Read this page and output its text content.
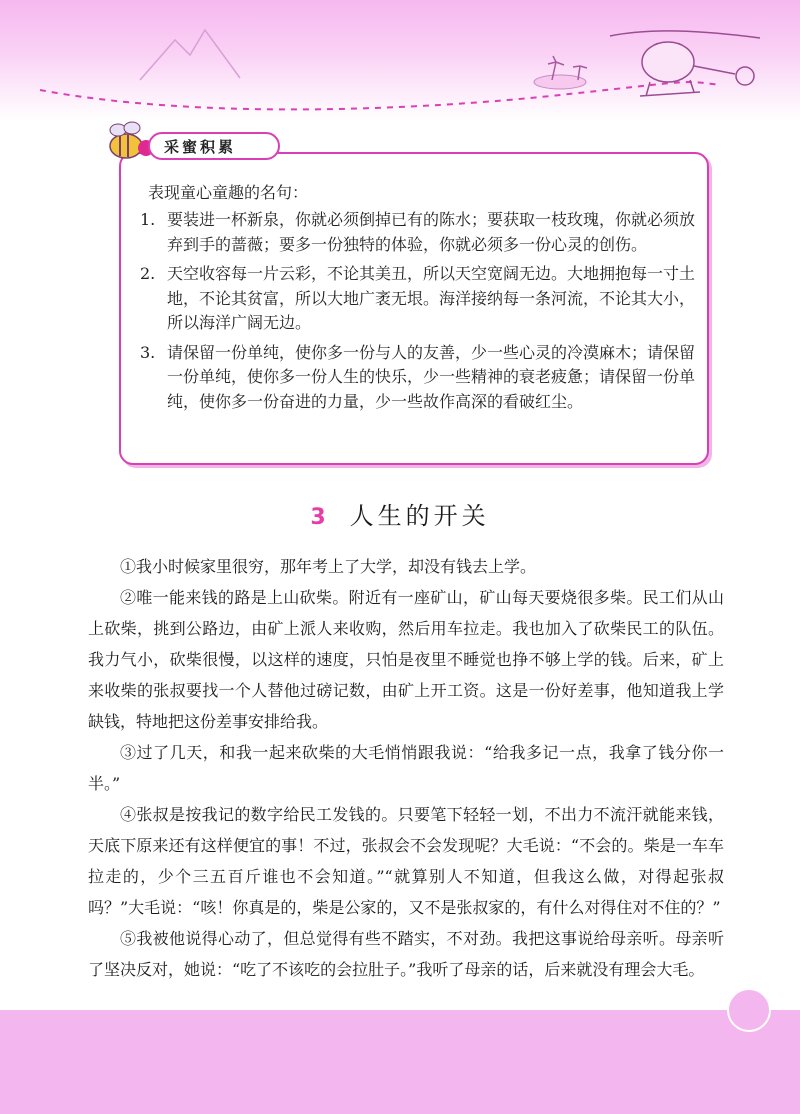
采蜜积累
表现童心童趣的名句：
1. 要装进一杯新泉，你就必须倒掉已有的陈水；要获取一枝玫瑰，你就必须放弃到手的蔷薇；要多一份独特的体验，你就必须多一份心灵的创伤。
2. 天空收容每一片云彩，不论其美丑，所以天空宽阔无边。大地拥抱每一寸土地，不论其贫富，所以大地广袤无垠。海洋接纳每一条河流，不论其大小，所以海洋广阔无边。
3. 请保留一份单纯，使你多一份与人的友善，少一些心灵的冷漠麻木；请保留一份单纯，使你多一份人生的快乐，少一些精神的衰老疲惫；请保留一份单纯，使你多一份奋进的力量，少一些故作高深的看破红尘。
3 人生的开关

①我小时候家里很穷，那年考上了大学，却没有钱去上学。

②唯一能来钱的路是上山砍柴。附近有一座矿山，矿山每天要烧很多柴。民工们从山上砍柴，挑到公路边，由矿上派人来收购，然后用车拉走。我也加入了砍柴民工的队伍。我力气小，砍柴很慢，以这样的速度，只怕是夜里不睡觉也挣不够上学的钱。后来，矿上来收柴的张叔要找一个人替他过磅记数，由矿上开工资。这是一份好差事，他知道我上学缺钱，特地把这份差事安排给我。

③过了几天，和我一起来砍柴的大毛悄悄跟我说：“给我多记一点，我拿了钱分你一半。”

④张叔是按我记的数字给民工发钱的。只要笔下轻轻一划，不出力不流汗就能来钱，天底下原来还有这样便宜的事！不过，张叔会不会发现呢？大毛说：“不会的。柴是一车车拉走的，少个三五百斤谁也不会知道。”“就算别人不知道，但我这么做，对得起张叔吗？”大毛说：“咳！你真是的，柴是公家的，又不是张叔家的，有什么对得住对不住的？”

⑤我被他说得心动了，但总觉得有些不踏实，不对劲。我把这事说给母亲听。母亲听了坚决反对，她说：“吃了不该吃的会拉肚子。”我听了母亲的话，后来就没有理会大毛。
